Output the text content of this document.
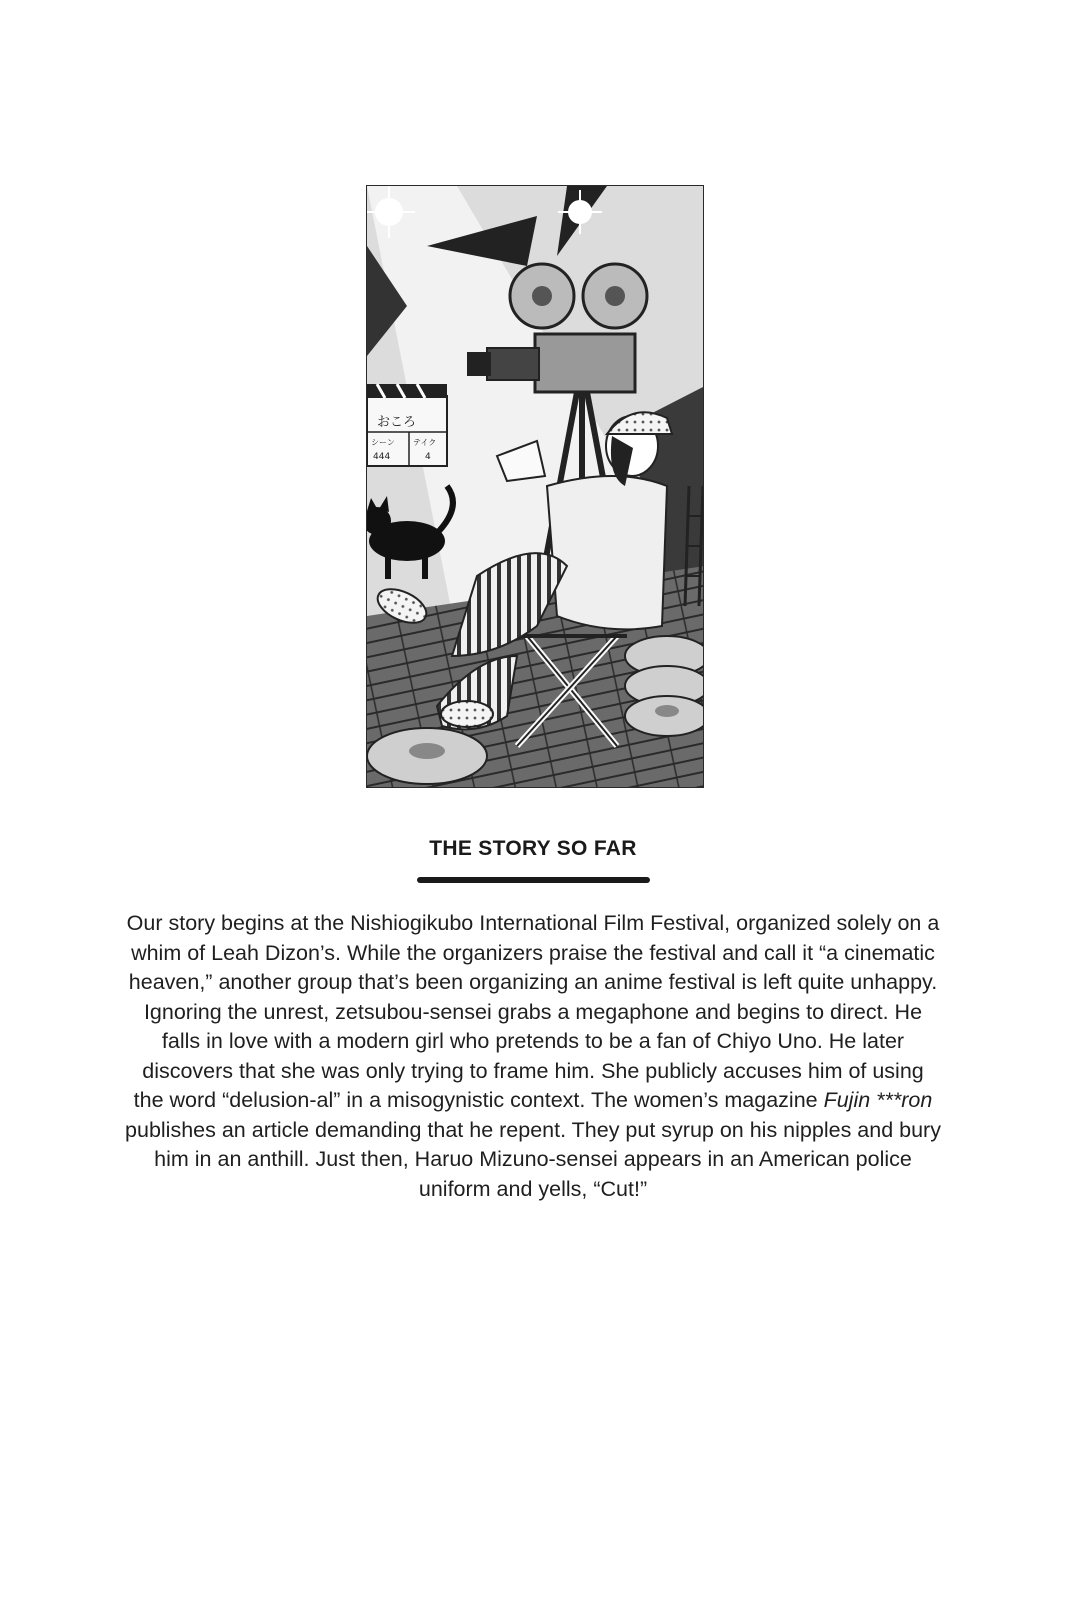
おころ
シーン テイク
444	4
THE STORY SO FAR

Our story begins at the Nishiogikubo International Film Festival, organized solely on a whim of Leah Dizon’s. While the organizers praise the festival and call it “a cinematic heaven,” another group that’s been organizing an anime festival is left quite unhappy. Ignoring the unrest, zetsubou-sensei grabs a megaphone and begins to direct. He falls in love with a modern girl who pretends to be a fan of Chiyo Uno. He later discovers that she was only trying to frame him. She publicly accuses him of using the word “delusion-al” in a misogynistic context. The women’s magazine Fujin ***ron publishes an article demanding that he repent. They put syrup on his nipples and bury him in an anthill. Just then, Haruo Mizuno-sensei appears in an American police uniform and yells, “Cut!”
